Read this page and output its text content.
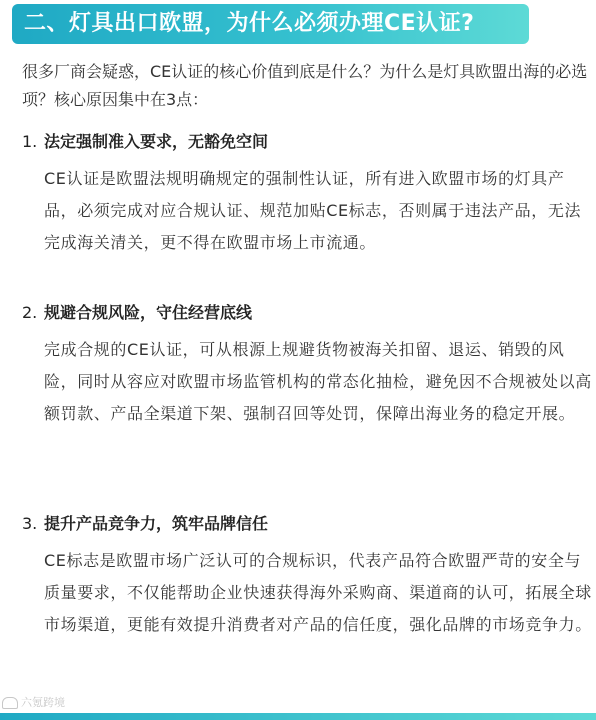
二、灯具出口欧盟，为什么必须办理CE认证?
很多厂商会疑惑，CE认证的核心价值到底是什么？为什么是灯具欧盟出海的必选项？核心原因集中在3点：
1. 法定强制准入要求，无豁免空间
CE认证是欧盟法规明确规定的强制性认证，所有进入欧盟市场的灯具产品，必须完成对应合规认证、规范加贴CE标志，否则属于违法产品，无法完成海关清关，更不得在欧盟市场上市流通。
2. 规避合规风险，守住经营底线
完成合规的CE认证，可从根源上规避货物被海关扣留、退运、销毁的风险，同时从容应对欧盟市场监管机构的常态化抽检，避免因不合规被处以高额罚款、产品全渠道下架、强制召回等处罚，保障出海业务的稳定开展。
3. 提升产品竞争力，筑牢品牌信任
CE标志是欧盟市场广泛认可的合规标识，代表产品符合欧盟严苛的安全与质量要求，不仅能帮助企业快速获得海外采购商、渠道商的认可，拓展全球市场渠道，更能有效提升消费者对产品的信任度，强化品牌的市场竞争力。
六氪跨境
